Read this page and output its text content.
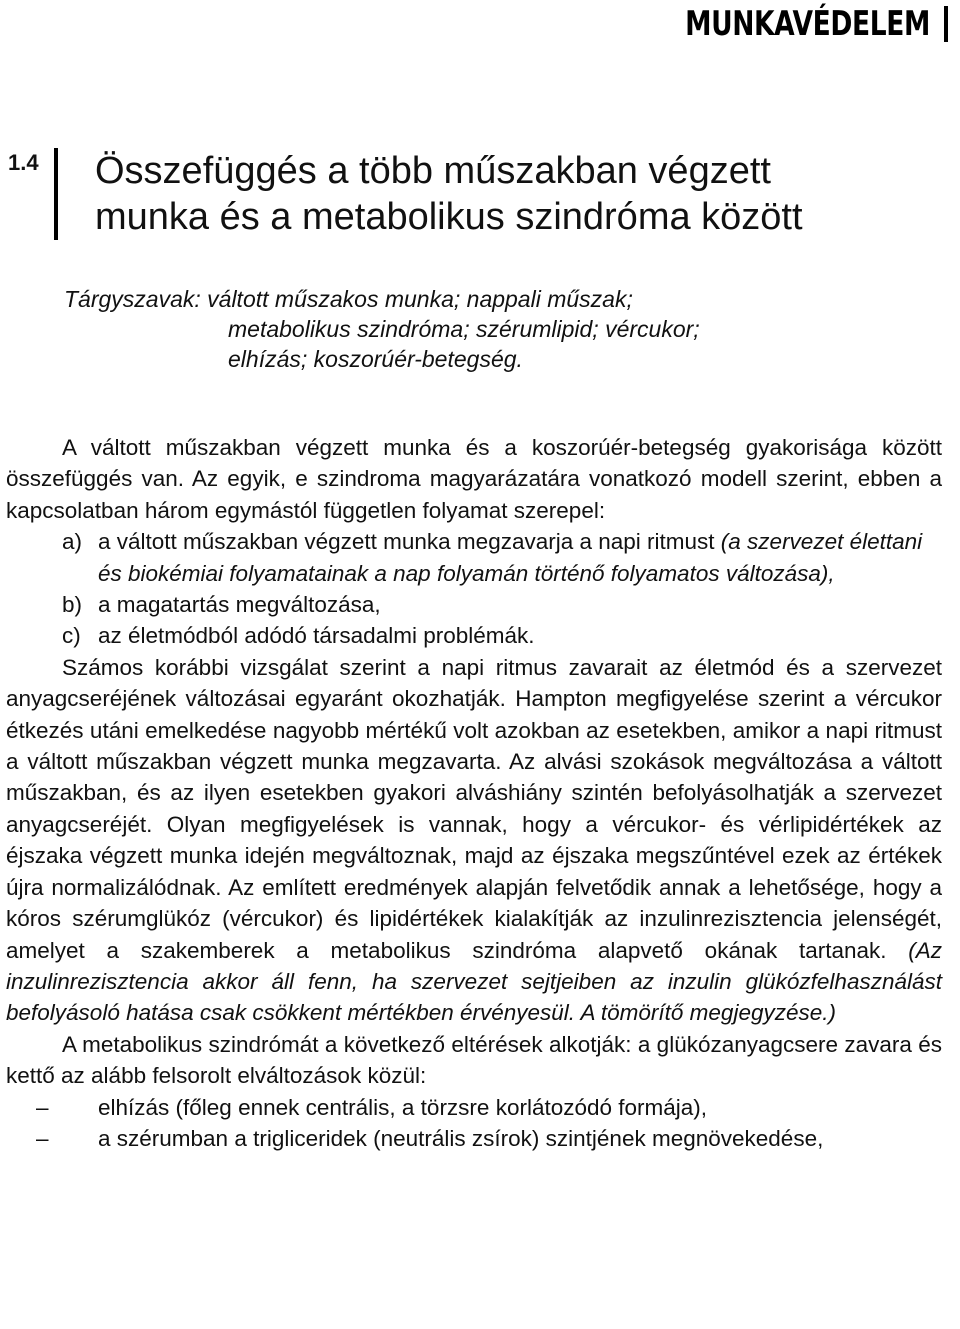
MUNKAVÉDELEM
1.4 Összefüggés a több műszakban végzett
munka és a metabolikus szindróma között
Tárgyszavak: váltott műszakos munka; nappali műszak;
metabolikus szindróma; szérumlipid; vércukor;
elhízás; koszorúér-betegség.

A váltott műszakban végzett munka és a koszorúér-betegség gyakorisága között összefüggés van. Az egyik, e szindroma magyarázatára vonatkozó modell szerint, ebben a kapcsolatban három egymástól független folyamat szerepel:

a) a váltott műszakban végzett munka megzavarja a napi ritmust (a szervezet élettani és biokémiai folyamatainak a nap folyamán történő folyamatos változása),
b) a magatartás megváltozása,
c) az életmódból adódó társadalmi problémák.

Számos korábbi vizsgálat szerint a napi ritmus zavarait az életmód és a szervezet anyagcseréjének változásai egyaránt okozhatják. Hampton megfigyelése szerint a vércukor étkezés utáni emelkedése nagyobb mértékű volt azokban az esetekben, amikor a napi ritmust a váltott műszakban végzett munka megzavarta. Az alvási szokások megváltozása a váltott műszakban, és az ilyen esetekben gyakori alváshiány szintén befolyásolhatják a szervezet anyagcseréjét. Olyan megfigyelések is vannak, hogy a vércukor- és vérlipidértékek az éjszaka végzett munka idején megváltoznak, majd az éjszaka megszűntével ezek az értékek újra normalizálódnak. Az említett eredmények alapján felvetődik annak a lehetősége, hogy a kóros szérumglükóz (vércukor) és lipidértékek kialakítják az inzulinrezisztencia jelenségét, amelyet a szakemberek a metabolikus szindróma alapvető okának tartanak. (Az inzulinrezisztencia akkor áll fenn, ha szervezet sejtjeiben az inzulin glükózfelhasználást befolyásoló hatása csak csökkent mértékben érvényesül. A tömörítő megjegyzése.)

A metabolikus szindrómát a következő eltérések alkotják: a glükózanyagcsere zavara és kettő az alább felsorolt elváltozások közül:

–	elhízás (főleg ennek centrális, a törzsre korlátozódó formája),
–	a szérumban a trigliceridek (neutrális zsírok) szintjének megnövekedése,
